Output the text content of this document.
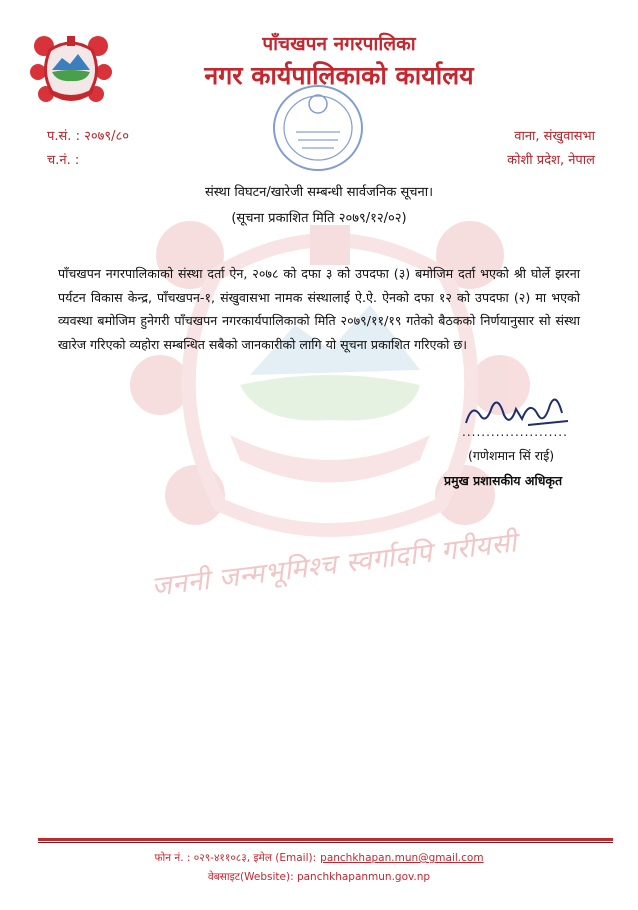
जननी जन्मभूमिश्च स्वर्गादपि गरीयसी
पाँचखपन नगरपालिका
नगर कार्यपालिकाको कार्यालय
प.सं. : २०७९/८०
च.नं. :
वाना, संखुवासभा
कोशी प्रदेश, नेपाल
संस्था विघटन/खारेजी सम्बन्धी सार्वजनिक सूचना।
(सूचना प्रकाशित मिति २०७९/१२/०२)
पाँचखपन नगरपालिकाको संस्था दर्ता ऐन, २०७८ को दफा ३ को उपदफा (३) बमोजिम दर्ता भएको श्री घोर्ले झरना पर्यटन विकास केन्द्र, पाँचखपन-१, संखुवासभा नामक संस्थालाई ऐ.ऐ. ऐनको दफा १२ को उपदफा (२) मा भएको व्यवस्था बमोजिम हुनेगरी पाँचखपन नगरकार्यपालिकाको मिति २०७९/११/१९ गतेको बैठकको निर्णयानुसार सो संस्था खारेज गरिएको व्यहोरा सम्बन्धित सबैको जानकारीको लागि यो सूचना प्रकाशित गरिएको छ।
......................
(गणेशमान सिं राई)
प्रमुख प्रशासकीय अधिकृत
फोन नं. : ०२९-४११०८३, इमेल (Email): panchkhapan.mun@gmail.com
वेबसाइट(Website): panchkhapanmun.gov.np
